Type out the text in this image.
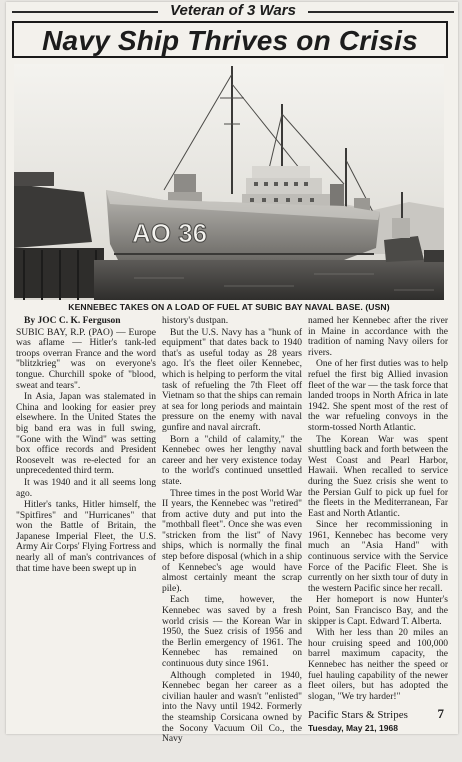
Veteran of 3 Wars
Navy Ship Thrives on Crisis
AO 36
KENNEBEC TAKES ON A LOAD OF FUEL AT SUBIC BAY NAVAL BASE. (USN)

By JOC C. K. Ferguson

SUBIC BAY, R.P. (PAO) — Europe was aflame — Hitler's tank-led troops overran France and the word "blitzkrieg" was on everyone's tongue. Churchill spoke of "blood, sweat and tears".

In Asia, Japan was stalemated in China and looking for easier prey elsewhere. In the United States the big band era was in full swing, "Gone with the Wind" was setting box office records and President Roosevelt was re-elected for an unprecedented third term.

It was 1940 and it all seems long ago.

Hitler's tanks, Hitler himself, the "Spitfires" and "Hurricanes" that won the Battle of Britain, the Japanese Imperial Fleet, the U.S. Army Air Corps' Flying Fortress and nearly all of man's contrivances of that time have been swept up in

history's dustpan.

But the U.S. Navy has a "hunk of equipment" that dates back to 1940 that's as useful today as 28 years ago. It's the fleet oiler Kennebec, which is helping to perform the vital task of refueling the 7th Fleet off Vietnam so that the ships can remain at sea for long periods and maintain pressure on the enemy with naval gunfire and naval aircraft.

Born a "child of calamity," the Kennebec owes her lengthy naval career and her very existence today to the world's continued unsettled state.

Three times in the post World War II years, the Kennebec was "retired" from active duty and put into the "mothball fleet". Once she was even "stricken from the list" of Navy ships, which is normally the final step before disposal (which in a ship of Kennebec's age would have almost certainly meant the scrap pile).

Each time, however, the Kennebec was saved by a fresh world crisis — the Korean War in 1950, the Suez crisis of 1956 and the Berlin emergency of 1961. The Kennebec has remained on continuous duty since 1961.

Although completed in 1940, Kennebec began her career as a civilian hauler and wasn't "enlisted" into the Navy until 1942. Formerly the steamship Corsicana owned by the Socony Vacuum Oil Co., the Navy

named her Kennebec after the river in Maine in accordance with the tradition of naming Navy oilers for rivers.

One of her first duties was to help refuel the first big Allied invasion fleet of the war — the task force that landed troops in North Africa in late 1942. She spent most of the rest of the war refueling convoys in the storm-tossed North Atlantic.

The Korean War was spent shuttling back and forth between the West Coast and Pearl Harbor, Hawaii. When recalled to service during the Suez crisis she went to the Persian Gulf to pick up fuel for the fleets in the Mediterranean, Far East and North Atlantic.

Since her recommissioning in 1961, Kennebec has become very much an "Asia Hand" with continuous service with the Service Force of the Pacific Fleet. She is currently on her sixth tour of duty in the western Pacific since her recall.

Her homeport is now Hunter's Point, San Francisco Bay, and the skipper is Capt. Edward T. Alberta.

With her less than 20 miles an hour cruising speed and 100,000 barrel maximum capacity, the Kennebec has neither the speed or fuel hauling capability of the newer fleet oilers, but has adopted the slogan, "We try harder!"

Pacific Stars & Stripes 7
Tuesday, May 21, 1968
